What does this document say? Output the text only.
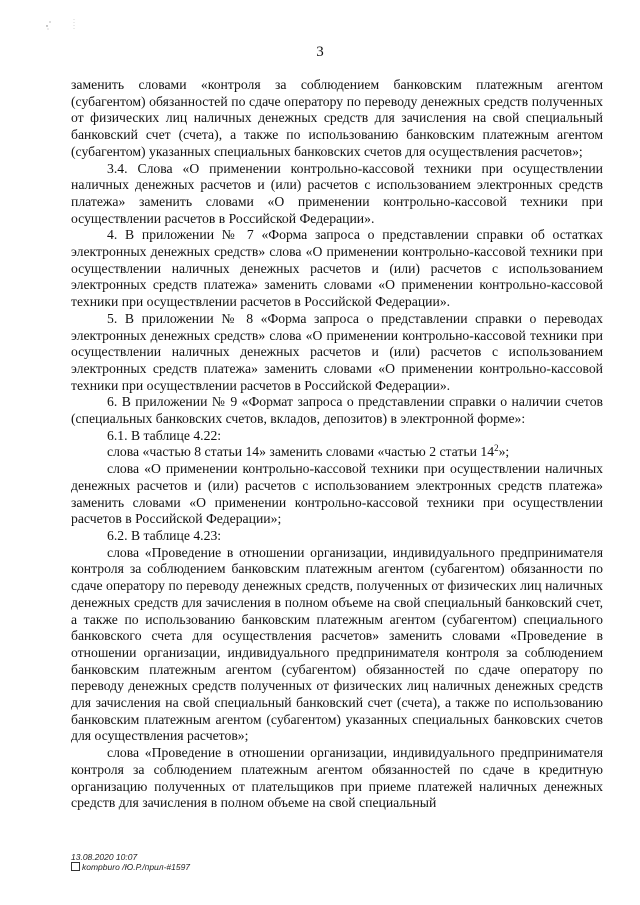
3

заменить словами «контроля за соблюдением банковским платежным агентом (субагентом) обязанностей по сдаче оператору по переводу денежных средств полученных от физических лиц наличных денежных средств для зачисления на свой специальный банковский счет (счета), а также по использованию банковским платежным агентом (субагентом) указанных специальных банковских счетов для осуществления расчетов»;

3.4. Слова «О применении контрольно-кассовой техники при осуществлении наличных денежных расчетов и (или) расчетов с использованием электронных средств платежа» заменить словами «О применении контрольно-кассовой техники при осуществлении расчетов в Российской Федерации».

4. В приложении № 7 «Форма запроса о представлении справки об остатках электронных денежных средств» слова «О применении контрольно-кассовой техники при осуществлении наличных денежных расчетов и (или) расчетов с использованием электронных средств платежа» заменить словами «О применении контрольно-кассовой техники при осуществлении расчетов в Российской Федерации».

5. В приложении № 8 «Форма запроса о представлении справки о переводах электронных денежных средств» слова «О применении контрольно-кассовой техники при осуществлении наличных денежных расчетов и (или) расчетов с использованием электронных средств платежа» заменить словами «О применении контрольно-кассовой техники при осуществлении расчетов в Российской Федерации».

6. В приложении № 9 «Формат запроса о представлении справки о наличии счетов (специальных банковских счетов, вкладов, депозитов) в электронной форме»:

6.1. В таблице 4.22:

слова «частью 8 статьи 14» заменить словами «частью 2 статьи $14^2$»;

слова «О применении контрольно-кассовой техники при осуществлении наличных денежных расчетов и (или) расчетов с использованием электронных средств платежа» заменить словами «О применении контрольно-кассовой техники при осуществлении расчетов в Российской Федерации»;

6.2. В таблице 4.23:

слова «Проведение в отношении организации, индивидуального предпринимателя контроля за соблюдением банковским платежным агентом (субагентом) обязанности по сдаче оператору по переводу денежных средств, полученных от физических лиц наличных денежных средств для зачисления в полном объеме на свой специальный банковский счет, а также по использованию банковским платежным агентом (субагентом) специального банковского счета для осуществления расчетов» заменить словами «Проведение в отношении организации, индивидуального предпринимателя контроля за соблюдением банковским платежным агентом (субагентом) обязанностей по сдаче оператору по переводу денежных средств полученных от физических лиц наличных денежных средств для зачисления на свой специальный банковский счет (счета), а также по использованию банковским платежным агентом (субагентом) указанных специальных банковских счетов для осуществления расчетов»;

слова «Проведение в отношении организации, индивидуального предпринимателя контроля за соблюдением платежным агентом обязанностей по сдаче в кредитную организацию полученных от плательщиков при приеме платежей наличных денежных средств для зачисления в полном объеме на свой специальный

13.08.2020 10:07
kompburo /Ю.Р./прил-#1597
